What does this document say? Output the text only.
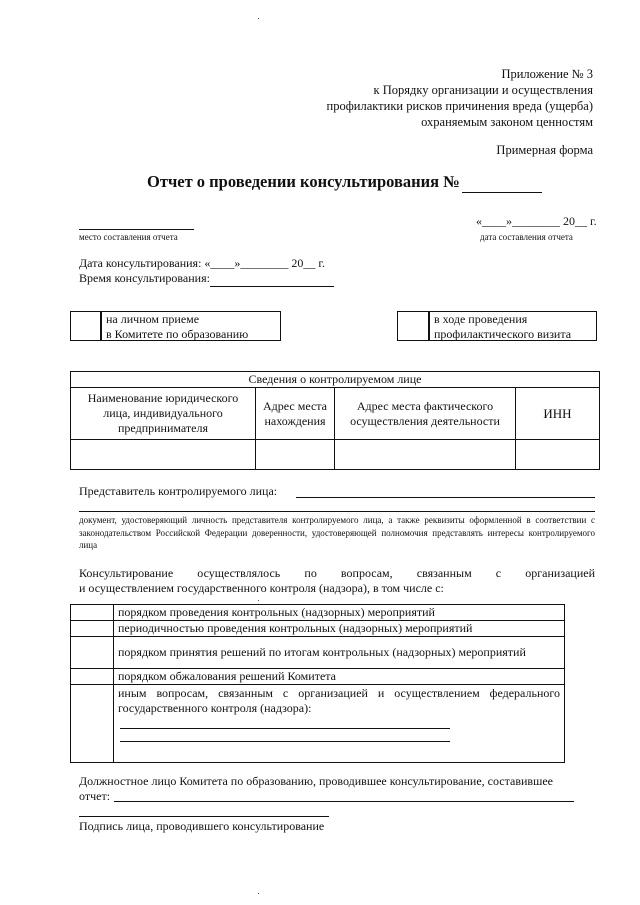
Приложение № 3
к Порядку организации и осуществления
профилактики рисков причинения вреда (ущерба)
охраняемым законом ценностям
Примерная форма
Отчет о проведении консультирования №
место составления отчета
«____»________ 20__ г.
дата составления отчета
Дата консультирования: «____»________ 20__ г.
Время консультирования:
на личном приеме
в Комитете по образованию
в ходе проведения
профилактического визита
Сведения о контролируемом лице			
Наименование юридического лица, индивидуального предпринимателя	Адрес места нахождения	Адрес места фактического осуществления деятельности	ИНН

Представитель контролируемого лица:
документ, удостоверяющий личность представителя контролируемого лица, а также реквизиты оформленной в соответствии с законодательством Российской Федерации доверенности, удостоверяющей полномочия представлять интересы контролируемого лица
Консультирование осуществлялось по вопросам, связанным с организацией
и осуществлением государственного контроля (надзора), в том числе с:
	порядком проведения контрольных (надзорных) мероприятий
	периодичностью проведения контрольных (надзорных) мероприятий
	порядком принятия решений по итогам контрольных (надзорных) мероприятий
	порядком обжалования решений Комитета

	иным вопросам, связанным с организацией и осуществлением федерального государственного контроля (надзора):
Должностное лицо Комитета по образованию, проводившее консультирование, составившее
отчет:
Подпись лица, проводившего консультирование
